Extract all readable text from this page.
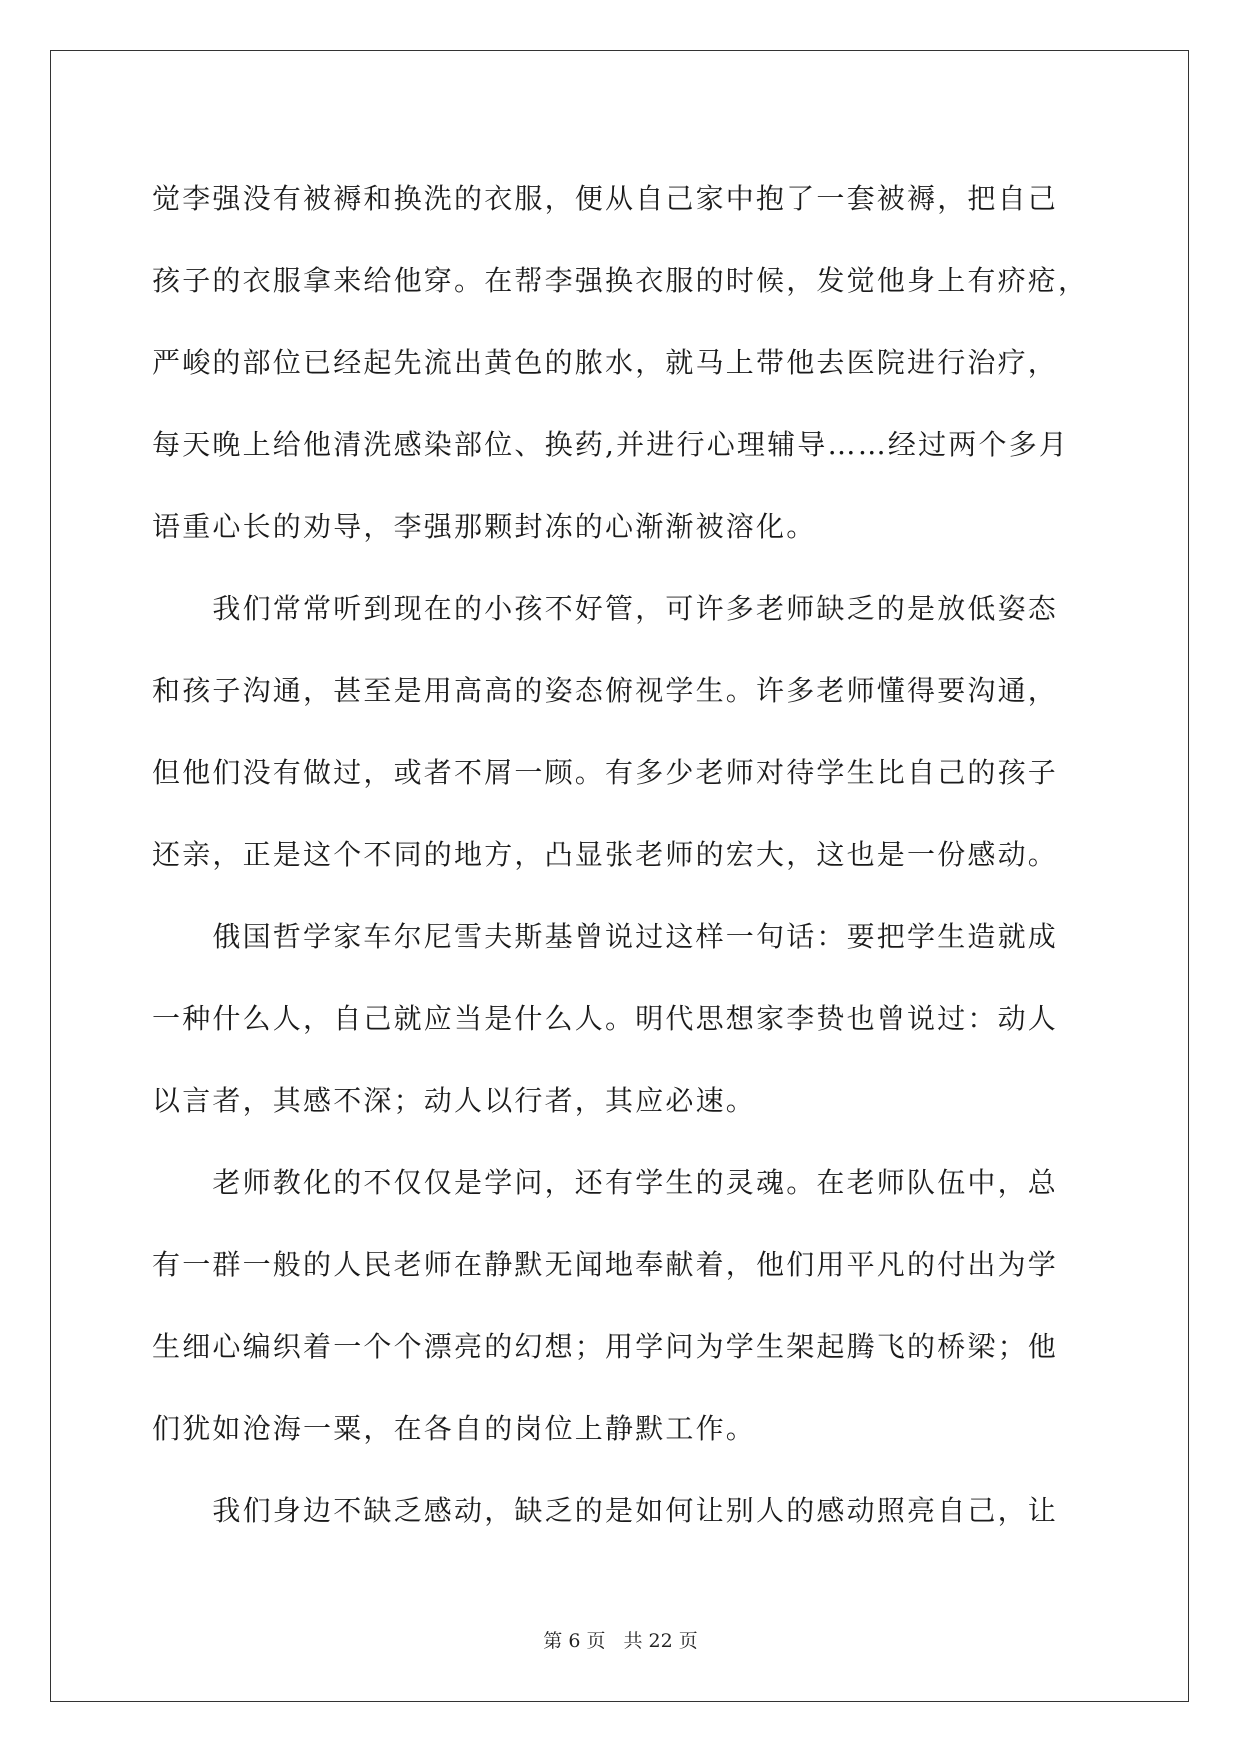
觉李强没有被褥和换洗的衣服，便从自己家中抱了一套被褥，把自己
孩子的衣服拿来给他穿。在帮李强换衣服的时候，发觉他身上有疥疮，
严峻的部位已经起先流出黄色的脓水，就马上带他去医院进行治疗，
每天晚上给他清洗感染部位、换药,并进行心理辅导……经过两个多月
语重心长的劝导，李强那颗封冻的心渐渐被溶化。
　　我们常常听到现在的小孩不好管，可许多老师缺乏的是放低姿态
和孩子沟通，甚至是用高高的姿态俯视学生。许多老师懂得要沟通，
但他们没有做过，或者不屑一顾。有多少老师对待学生比自己的孩子
还亲，正是这个不同的地方，凸显张老师的宏大，这也是一份感动。
　　俄国哲学家车尔尼雪夫斯基曾说过这样一句话：要把学生造就成
一种什么人，自己就应当是什么人。明代思想家李贽也曾说过：动人
以言者，其感不深；动人以行者，其应必速。
　　老师教化的不仅仅是学问，还有学生的灵魂。在老师队伍中，总
有一群一般的人民老师在静默无闻地奉献着，他们用平凡的付出为学
生细心编织着一个个漂亮的幻想；用学问为学生架起腾飞的桥梁；他
们犹如沧海一粟，在各自的岗位上静默工作。
　　我们身边不缺乏感动，缺乏的是如何让别人的感动照亮自己，让
第 6 页 共 22 页
